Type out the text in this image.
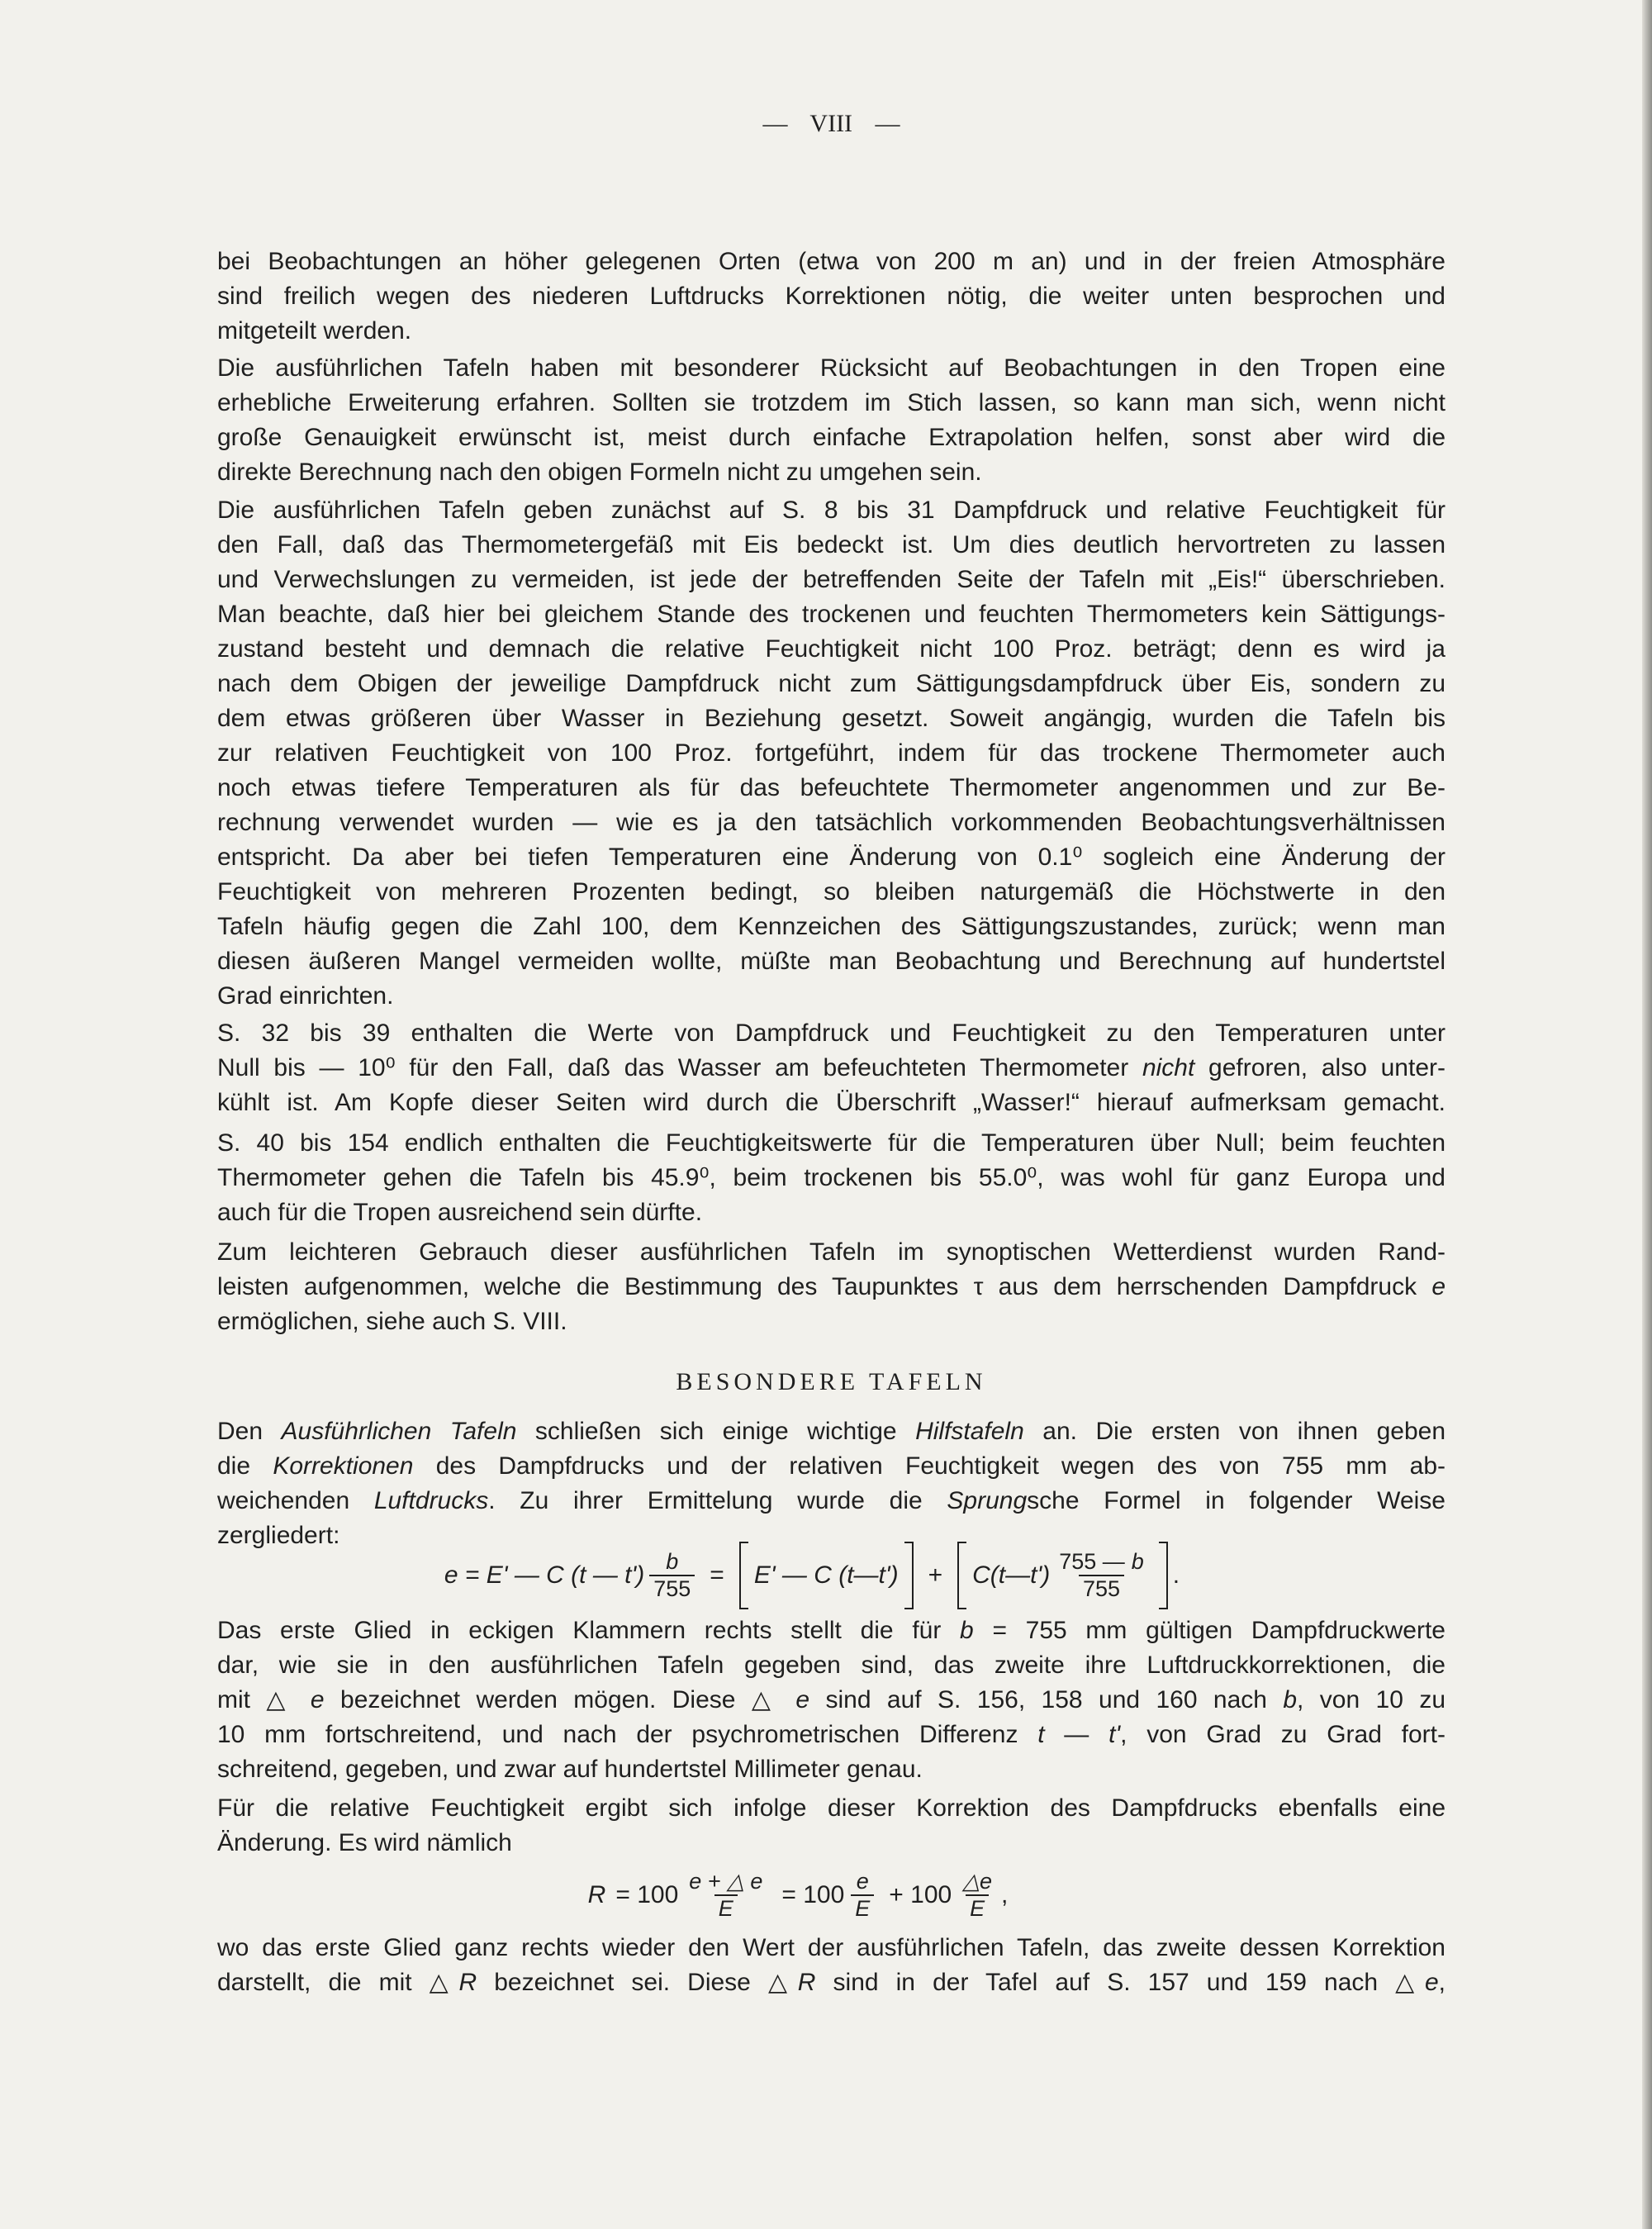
— VIII —
bei Beobachtungen an höher gelegenen Orten (etwa von 200 m an) und in der freien Atmosphäre
sind freilich wegen des niederen Luftdrucks Korrektionen nötig, die weiter unten besprochen und
mitgeteilt werden.
Die ausführlichen Tafeln haben mit besonderer Rücksicht auf Beobachtungen in den Tropen eine
erhebliche Erweiterung erfahren. Sollten sie trotzdem im Stich lassen, so kann man sich, wenn nicht
große Genauigkeit erwünscht ist, meist durch einfache Extrapolation helfen, sonst aber wird die
direkte Berechnung nach den obigen Formeln nicht zu umgehen sein.
Die ausführlichen Tafeln geben zunächst auf S. 8 bis 31 Dampfdruck und relative Feuchtigkeit für
den Fall, daß das Thermometergefäß mit Eis bedeckt ist. Um dies deutlich hervortreten zu lassen
und Verwechslungen zu vermeiden, ist jede der betreffenden Seite der Tafeln mit „Eis!“ überschrieben.
Man beachte, daß hier bei gleichem Stande des trockenen und feuchten Thermometers kein Sättigungs-
zustand besteht und demnach die relative Feuchtigkeit nicht 100 Proz. beträgt; denn es wird ja
nach dem Obigen der jeweilige Dampfdruck nicht zum Sättigungsdampfdruck über Eis, sondern zu
dem etwas größeren über Wasser in Beziehung gesetzt. Soweit angängig, wurden die Tafeln bis
zur relativen Feuchtigkeit von 100 Proz. fortgeführt, indem für das trockene Thermometer auch
noch etwas tiefere Temperaturen als für das befeuchtete Thermometer angenommen und zur Be-
rechnung verwendet wurden — wie es ja den tatsächlich vorkommenden Beobachtungsverhältnissen
entspricht. Da aber bei tiefen Temperaturen eine Änderung von 0.1⁰ sogleich eine Änderung der
Feuchtigkeit von mehreren Prozenten bedingt, so bleiben naturgemäß die Höchstwerte in den
Tafeln häufig gegen die Zahl 100, dem Kennzeichen des Sättigungszustandes, zurück; wenn man
diesen äußeren Mangel vermeiden wollte, müßte man Beobachtung und Berechnung auf hundertstel
Grad einrichten.
S. 32 bis 39 enthalten die Werte von Dampfdruck und Feuchtigkeit zu den Temperaturen unter
Null bis — 10⁰ für den Fall, daß das Wasser am befeuchteten Thermometer nicht gefroren, also unter-
kühlt ist. Am Kopfe dieser Seiten wird durch die Überschrift „Wasser!“ hierauf aufmerksam gemacht.
S. 40 bis 154 endlich enthalten die Feuchtigkeitswerte für die Temperaturen über Null; beim feuchten
Thermometer gehen die Tafeln bis 45.9⁰, beim trockenen bis 55.0⁰, was wohl für ganz Europa und
auch für die Tropen ausreichend sein dürfte.
Zum leichteren Gebrauch dieser ausführlichen Tafeln im synoptischen Wetterdienst wurden Rand-
leisten aufgenommen, welche die Bestimmung des Taupunktes τ aus dem herrschenden Dampfdruck e
ermöglichen, siehe auch S. VIII.
BESONDERE TAFELN
Den Ausführlichen Tafeln schließen sich einige wichtige Hilfstafeln an. Die ersten von ihnen geben
die Korrektionen des Dampfdrucks und der relativen Feuchtigkeit wegen des von 755 mm ab-
weichenden Luftdrucks. Zu ihrer Ermittelung wurde die Sprungsche Formel in folgender Weise
zergliedert:
e = E' — C (t — $t') \frac{b}{755} = E'$ — C (t—t') + C(t—t') $\frac{755 — b}{755}$ .
Das erste Glied in eckigen Klammern rechts stellt die für b = 755 mm gültigen Dampfdruckwerte
dar, wie sie in den ausführlichen Tafeln gegeben sind, das zweite ihre Luftdruckkorrektionen, die
mit △ e bezeichnet werden mögen. Diese △ e sind auf S. 156, 158 und 160 nach b, von 10 zu
10 mm fortschreitend, und nach der psychrometrischen Differenz t — t', von Grad zu Grad fort-
schreitend, gegeben, und zwar auf hundertstel Millimeter genau.
Für die relative Feuchtigkeit ergibt sich infolge dieser Korrektion des Dampfdrucks ebenfalls eine
Änderung. Es wird nämlich
$R = 100 \frac{e + \triangle e}{E} = 100 \frac{e}{E} + 100 \frac{\triangle e}{E}$ ,
wo das erste Glied ganz rechts wieder den Wert der ausführlichen Tafeln, das zweite dessen Korrektion
darstellt, die mit △R bezeichnet sei. Diese △R sind in der Tafel auf S. 157 und 159 nach △e,
